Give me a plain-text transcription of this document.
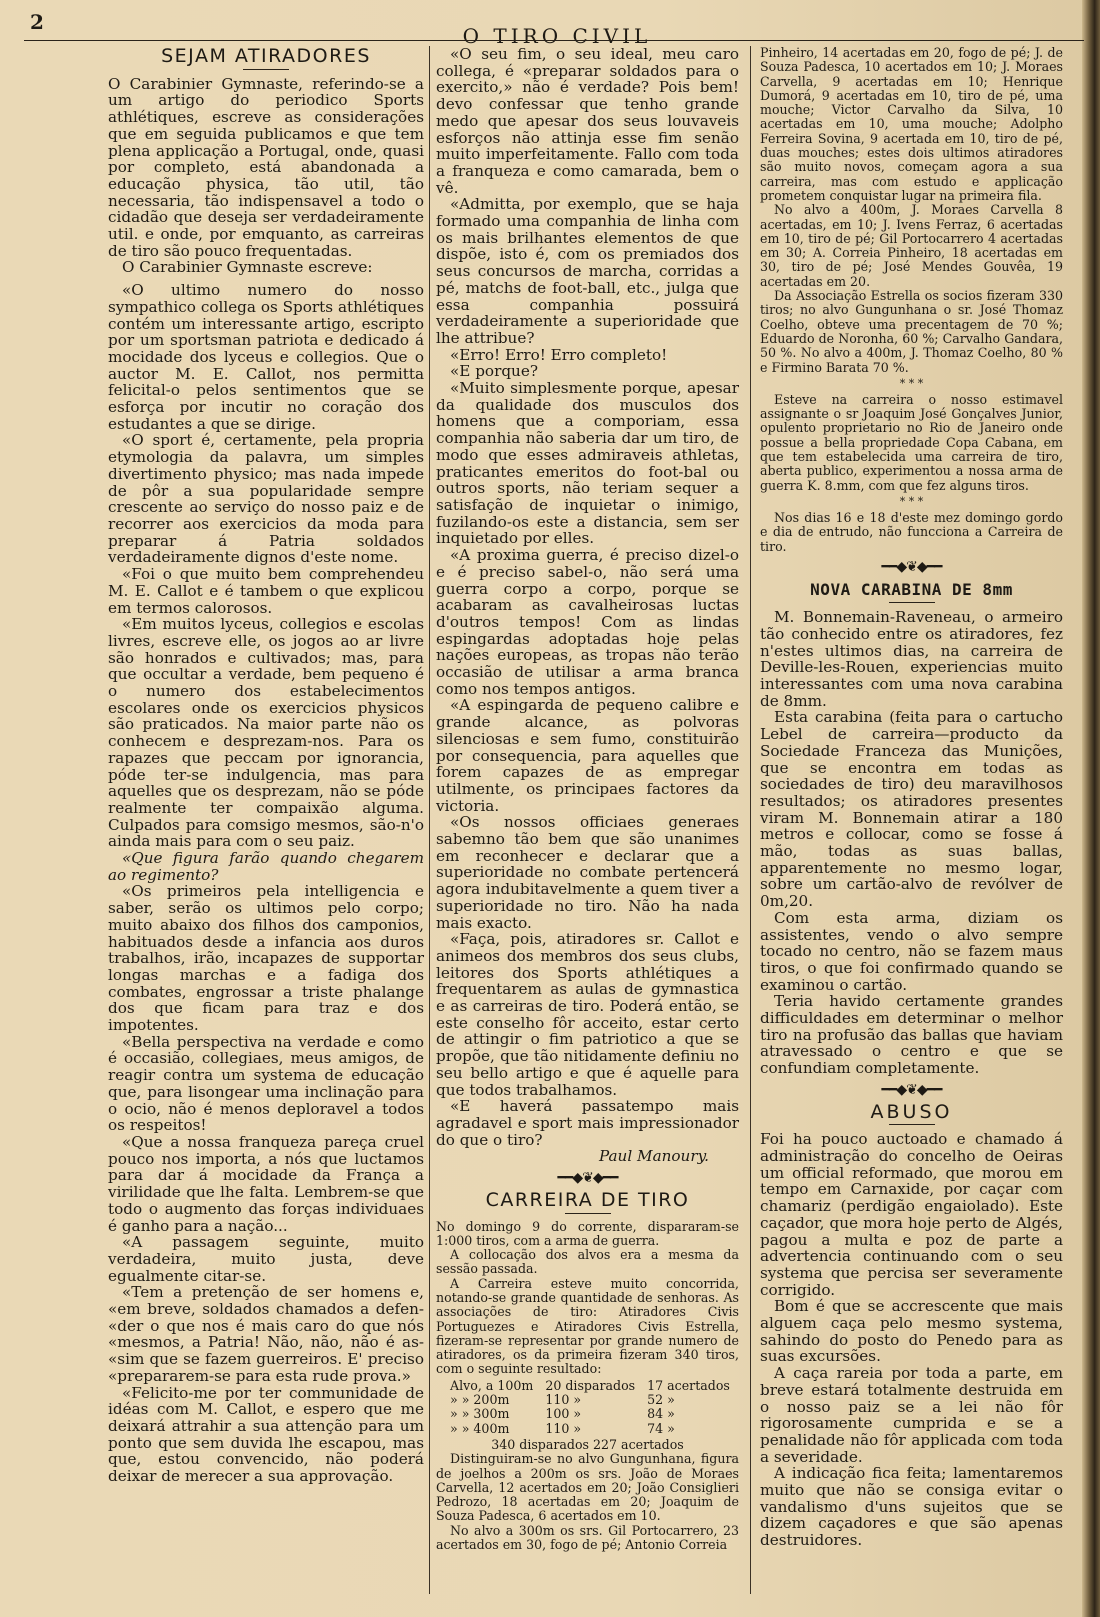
2
O TIRO CIVIL
SEJAM ATIRADORES

O Carabinier Gymnaste, referindo-se a um artigo do periodico Sports athlétiques, escreve as considerações que em seguida publicamos e que tem plena applicação a Portugal, onde, quasi por completo, está abandonada a educação physica, tão util, tão necessaria, tão indispensavel a todo o cidadão que deseja ser verdadeiramente util. e onde, por emquanto, as carreiras de tiro são pouco frequentadas.

O Carabinier Gymnaste escreve:

«O ultimo numero do nosso sympathico collega os Sports athlétiques contém um interessante artigo, escripto por um sportsman patriota e dedicado á mocidade dos lyceus e collegios. Que o auctor M. E. Callot, nos permitta felicital-o pelos sentimentos que se esforça por incutir no coração dos estudantes a que se dirige.

«O sport é, certamente, pela propria etymologia da palavra, um simples divertimento physico; mas nada impede de pôr a sua popularidade sempre crescente ao serviço do nosso paiz e de recorrer aos exercicios da moda para preparar á Patria soldados verdadeiramente dignos d'este nome.

«Foi o que muito bem comprehendeu M. E. Callot e é tambem o que explicou em termos calorosos.

«Em muitos lyceus, collegios e escolas livres, escreve elle, os jogos ao ar livre são honrados e cultivados; mas, para que occultar a verdade, bem pequeno é o numero dos estabelecimentos escolares onde os exercicios physicos são praticados. Na maior parte não os conhecem e desprezam-nos. Para os rapazes que peccam por ignorancia, póde ter-se indulgencia, mas para aquelles que os desprezam, não se póde realmente ter compaixão alguma. Culpados para comsigo mesmos, são-n'o ainda mais para com o seu paiz.

«Que figura farão quando chegarem ao regimento?

«Os primeiros pela intelligencia e saber, serão os ultimos pelo corpo; muito abaixo dos filhos dos camponios, habituados desde a infancia aos duros trabalhos, irão, incapazes de supportar longas marchas e a fadiga dos combates, engrossar a triste phalange dos que ficam para traz e dos impotentes.

«Bella perspectiva na verdade e como é occasião, collegiaes, meus amigos, de reagir contra um systema de educação que, para lisongear uma inclinação para o ocio, não é menos deploravel a todos os respeitos!

«Que a nossa franqueza pareça cruel pouco nos importa, a nós que luctamos para dar á mocidade da França a virilidade que lhe falta. Lembrem-se que todo o augmento das forças individuaes é ganho para a nação...

«A passagem seguinte, muito verdadeira, muito justa, deve egualmente citar-se.

«Tem a pretenção de ser homens e, «em breve, soldados chamados a defen- «der o que nos é mais caro do que nós «mesmos, a Patria! Não, não, não é as- «sim que se fazem guerreiros. E' preciso «prepararem-se para esta rude prova.»

«Felicito-me por ter communidade de idéas com M. Callot, e espero que me deixará attrahir a sua attenção para um ponto que sem duvida lhe escapou, mas que, estou convencido, não poderá deixar de merecer a sua approvação.

«O seu fim, o seu ideal, meu caro collega, é «preparar soldados para o exercito,» não é verdade? Pois bem! devo confessar que tenho grande medo que apesar dos seus louvaveis esforços não attinja esse fim senão muito imperfeitamente. Fallo com toda a franqueza e como camarada, bem o vê.

«Admitta, por exemplo, que se haja formado uma companhia de linha com os mais brilhantes elementos de que dispõe, isto é, com os premiados dos seus concursos de marcha, corridas a pé, matchs de foot-ball, etc., julga que essa companhia possuirá verdadeiramente a superioridade que lhe attribue?

«Erro! Erro! Erro completo!

«E porque?

«Muito simplesmente porque, apesar da qualidade dos musculos dos homens que a comporiam, essa companhia não saberia dar um tiro, de modo que esses admiraveis athletas, praticantes emeritos do foot-bal ou outros sports, não teriam sequer a satisfação de inquietar o inimigo, fuzilando-os este a distancia, sem ser inquietado por elles.

«A proxima guerra, é preciso dizel-o e é preciso sabel-o, não será uma guerra corpo a corpo, porque se acabaram as cavalheirosas luctas d'outros tempos! Com as lindas espingardas adoptadas hoje pelas nações europeas, as tropas não terão occasião de utilisar a arma branca como nos tempos antigos.

«A espingarda de pequeno calibre e grande alcance, as polvoras silenciosas e sem fumo, constituirão por consequencia, para aquelles que forem capazes de as empregar utilmente, os principaes factores da victoria.

«Os nossos officiaes generaes sabemno tão bem que são unanimes em reconhecer e declarar que a superioridade no combate pertencerá agora indubitavelmente a quem tiver a superioridade no tiro. Não ha nada mais exacto.

«Faça, pois, atiradores sr. Callot e animeos dos membros dos seus clubs, leitores dos Sports athlétiques a frequentarem as aulas de gymnastica e as carreiras de tiro. Poderá então, se este conselho fôr acceito, estar certo de attingir o fim patriotico a que se propõe, que tão nitidamente definiu no seu bello artigo e que é aquelle para que todos trabalhamos.

«E haverá passatempo mais agradavel e sport mais impressionador do que o tiro?

Paul Manoury.

━━◆❦◆━━
CARREIRA DE TIRO

No domingo 9 do corrente, dispararam-se 1:000 tiros, com a arma de guerra.

A collocação dos alvos era a mesma da sessão passada.

A Carreira esteve muito concorrida, notando-se grande quantidade de senhoras. As associações de tiro: Atiradores Civis Portuguezes e Atiradores Civis Estrella, fizeram-se representar por grande numero de atiradores, os da primeira fizeram 340 tiros, com o seguinte resultado:

Alvo, a 100m	20 disparados	17 acertados
» » 200m	110 »	52 »
» » 300m	100 »	84 »
» » 400m	110 »	74 »

340 disparados 227 acertados

Distinguiram-se no alvo Gungunhana, figura de joelhos a 200m os srs. João de Moraes Carvella, 12 acertados em 20; João Consiglieri Pedrozo, 18 acertadas em 20; Joaquim de Souza Padesca, 6 acertados em 10.

No alvo a 300m os srs. Gil Portocarrero, 23 acertados em 30, fogo de pé; Antonio Correia

Pinheiro, 14 acertadas em 20, fogo de pé; J. de Souza Padesca, 10 acertados em 10; J. Moraes Carvella, 9 acertadas em 10; Henrique Dumorá, 9 acertadas em 10, tiro de pé, uma mouche; Victor Carvalho da Silva, 10 acertadas em 10, uma mouche; Adolpho Ferreira Sovina, 9 acertada em 10, tiro de pé, duas mouches; estes dois ultimos atiradores são muito novos, começam agora a sua carreira, mas com estudo e applicação prometem conquistar lugar na primeira fila.

No alvo a 400m, J. Moraes Carvella 8 acertadas, em 10; J. Ivens Ferraz, 6 acertadas em 10, tiro de pé; Gil Portocarrero 4 acertadas em 30; A. Correia Pinheiro, 18 acertadas em 30, tiro de pé; José Mendes Gouvêa, 19 acertadas em 20.

Da Associação Estrella os socios fizeram 330 tiros; no alvo Gungunhana o sr. José Thomaz Coelho, obteve uma precentagem de 70 %; Eduardo de Noronha, 60 %; Carvalho Gandara, 50 %. No alvo a 400m, J. Thomaz Coelho, 80 % e Firmino Barata 70 %.

* * *

Esteve na carreira o nosso estimavel assignante o sr Joaquim José Gonçalves Junior, opulento proprietario no Rio de Janeiro onde possue a bella propriedade Copa Cabana, em que tem estabelecida uma carreira de tiro, aberta publico, experimentou a nossa arma de guerra K. 8.mm, com que fez alguns tiros.

* * *

Nos dias 16 e 18 d'este mez domingo gordo e dia de entrudo, não funcciona a Carreira de tiro.

━━◆❦◆━━
NOVA CARABINA DE 8mm

M. Bonnemain-Raveneau, o armeiro tão conhecido entre os atiradores, fez n'estes ultimos dias, na carreira de Deville-les-Rouen, experiencias muito interessantes com uma nova carabina de 8mm.

Esta carabina (feita para o cartucho Lebel de carreira—producto da Sociedade Franceza das Munições, que se encontra em todas as sociedades de tiro) deu maravilhosos resultados; os atiradores presentes viram M. Bonnemain atirar a 180 metros e collocar, como se fosse á mão, todas as suas ballas, apparentemente no mesmo logar, sobre um cartão-alvo de revólver de 0m,20.

Com esta arma, diziam os assistentes, vendo o alvo sempre tocado no centro, não se fazem maus tiros, o que foi confirmado quando se examinou o cartão.

Teria havido certamente grandes difficuldades em determinar o melhor tiro na profusão das ballas que haviam atravessado o centro e que se confundiam completamente.

━━◆❦◆━━
ABUSO

Foi ha pouco auctoado e chamado á administração do concelho de Oeiras um official reformado, que morou em tempo em Carnaxide, por caçar com chamariz (perdigão engaiolado). Este caçador, que mora hoje perto de Algés, pagou a multa e poz de parte a advertencia continuando com o seu systema que percisa ser severamente corrigido.

Bom é que se accrescente que mais alguem caça pelo mesmo systema, sahindo do posto do Penedo para as suas excursões.

A caça rareia por toda a parte, em breve estará totalmente destruida em o nosso paiz se a lei não fôr rigorosamente cumprida e se a penalidade não fôr applicada com toda a severidade.

A indicação fica feita; lamentaremos muito que não se consiga evitar o vandalismo d'uns sujeitos que se dizem caçadores e que são apenas destruidores.
